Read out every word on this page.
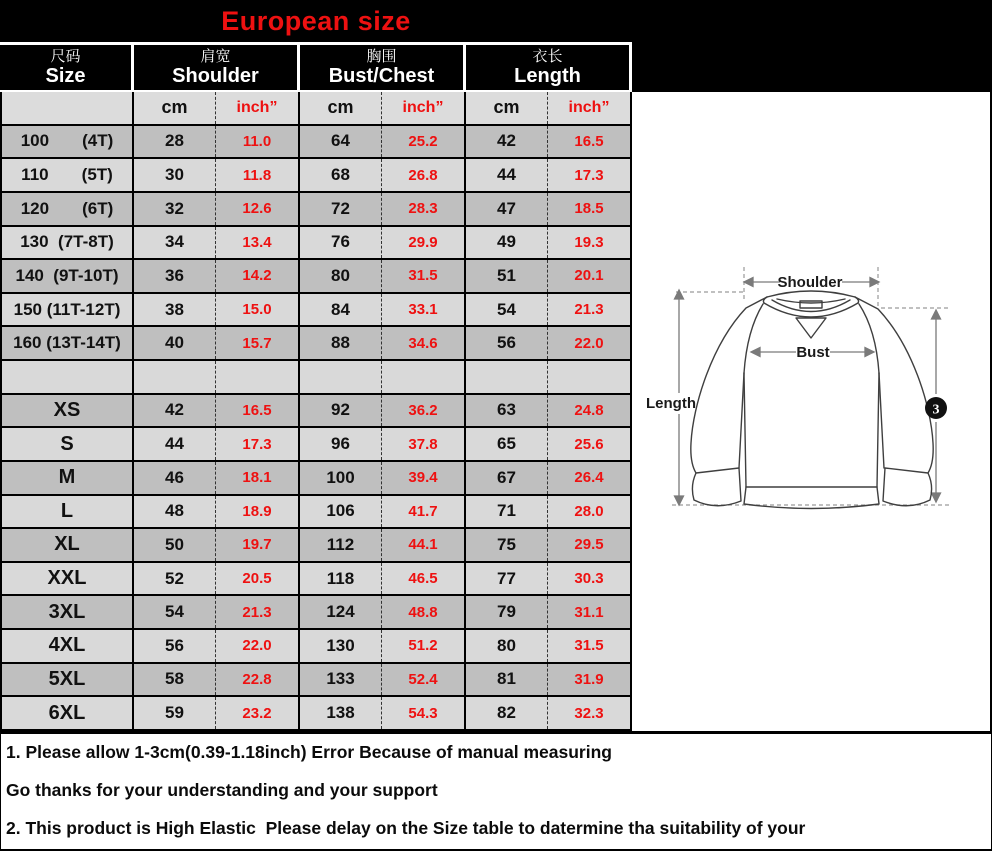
European size
尺码
Size
肩宽
Shoulder
胸围
Bust/Chest
衣长
Length
cm	inch”	cm	inch”	cm	inch”
100       (4T)	28	11.0	64	25.2	42	16.5
110       (5T)	30	11.8	68	26.8	44	17.3
120       (6T)	32	12.6	72	28.3	47	18.5
130  (7T-8T)	34	13.4	76	29.9	49	19.3
140  (9T-10T)	36	14.2	80	31.5	51	20.1
150 (11T-12T)	38	15.0	84	33.1	54	21.3
160 (13T-14T)	40	15.7	88	34.6	56	22.0
XS	42	16.5	92	36.2	63	24.8
S	44	17.3	96	37.8	65	25.6
M	46	18.1	100	39.4	67	26.4
L	48	18.9	106	41.7	71	28.0
XL	50	19.7	112	44.1	75	29.5
XXL	52	20.5	118	46.5	77	30.3
3XL	54	21.3	124	48.8	79	31.1
4XL	56	22.0	130	51.2	80	31.5
5XL	58	22.8	133	52.4	81	31.9
6XL	59	23.2	138	54.3	82	32.3
Shoulder
Bust
Length	3
1. Please allow 1-3cm(0.39-1.18inch) Error Because of manual measuring
Go thanks for your understanding and your support
2. This product is High Elastic  Please delay on the Size table to datermine tha suitability of your
